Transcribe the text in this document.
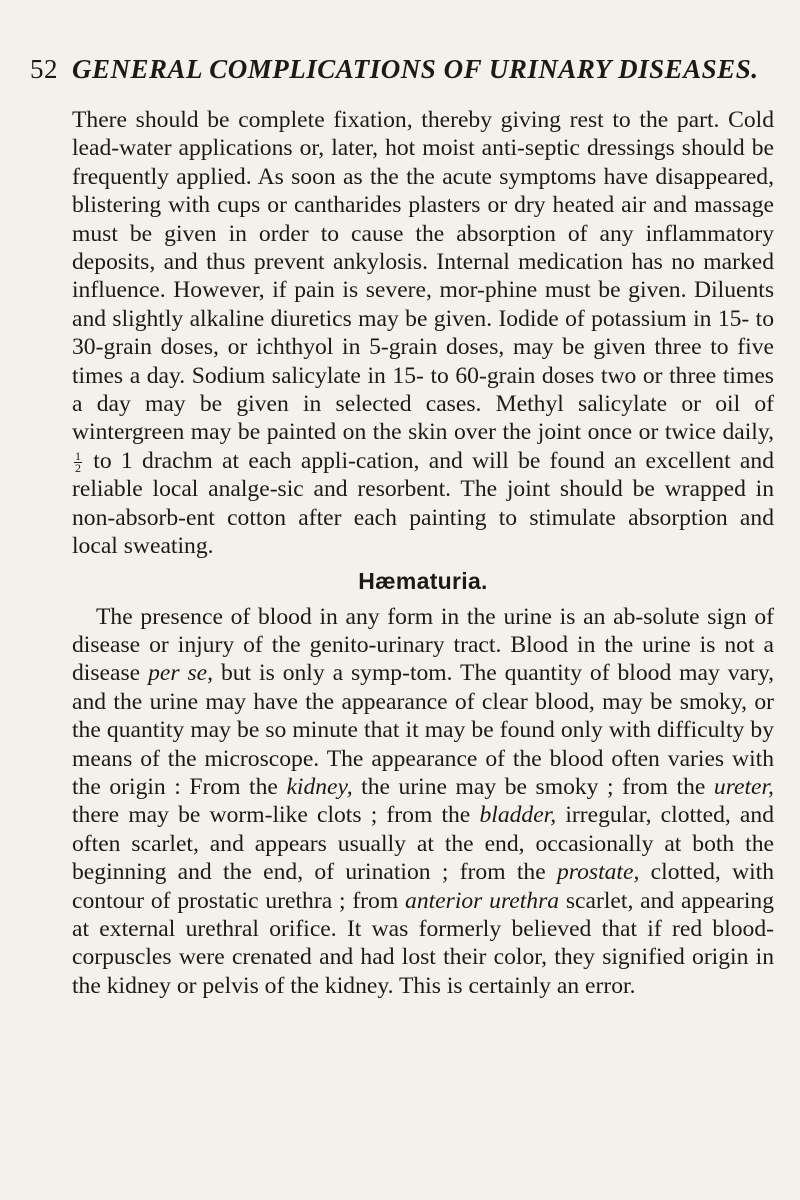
52 GENERAL COMPLICATIONS OF URINARY DISEASES.

There should be complete fixation, thereby giving rest to the part. Cold lead-water applications or, later, hot moist anti-septic dressings should be frequently applied. As soon as the the acute symptoms have disappeared, blistering with cups or cantharides plasters or dry heated air and massage must be given in order to cause the absorption of any inflammatory deposits, and thus prevent ankylosis. Internal medication has no marked influence. However, if pain is severe, mor-phine must be given. Diluents and slightly alkaline diuretics may be given. Iodide of potassium in 15- to 30-grain doses, or ichthyol in 5-grain doses, may be given three to five times a day. Sodium salicylate in 15- to 60-grain doses two or three times a day may be given in selected cases. Methyl salicylate or oil of wintergreen may be painted on the skin over the joint once or twice daily,
$\frac{1}{2}$ to 1 drachm at each appli-cation, and will be found an excellent and reliable local analge-sic and resorbent. The joint should be wrapped in non-absorb-ent cotton after each painting to stimulate absorption and local sweating.

Hæmaturia.

The presence of blood in any form in the urine is an ab-solute sign of disease or injury of the genito-urinary tract. Blood in the urine is not a disease per se, but is only a symp-tom. The quantity of blood may vary, and the urine may have the appearance of clear blood, may be smoky, or the quantity may be so minute that it may be found only with difficulty by means of the microscope. The appearance of the blood often varies with the origin : From the kidney, the urine may be smoky ; from the ureter, there may be worm-like clots ; from the bladder, irregular, clotted, and often scarlet, and appears usually at the end, occasionally at both the beginning and the end, of urination ; from the prostate, clotted, with contour of prostatic urethra ; from anterior urethra scarlet, and appearing at external urethral orifice. It was formerly believed that if red blood-corpuscles were crenated and had lost their color, they signified origin in the kidney or pelvis of the kidney. This is certainly an error.
